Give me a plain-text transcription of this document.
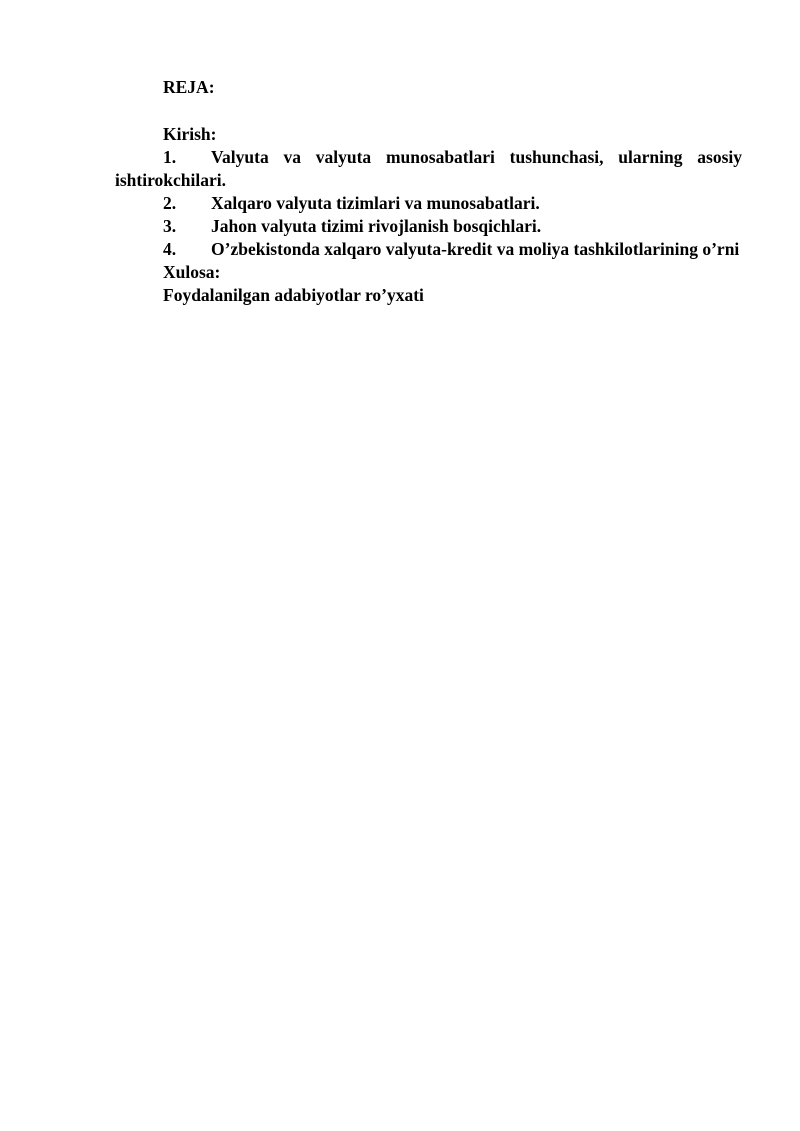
REJA:

Kirish:

1. Valyuta va valyuta munosabatlari tushunchasi, ularning asosiy ishtirokchilari.

2. Xalqaro valyuta tizimlari va munosabatlari.

3. Jahon valyuta tizimi rivojlanish bosqichlari.

4. O’zbekistonda xalqaro valyuta-kredit va moliya tashkilotlarining o’rni

Xulosa:

Foydalanilgan adabiyotlar ro’yxati
